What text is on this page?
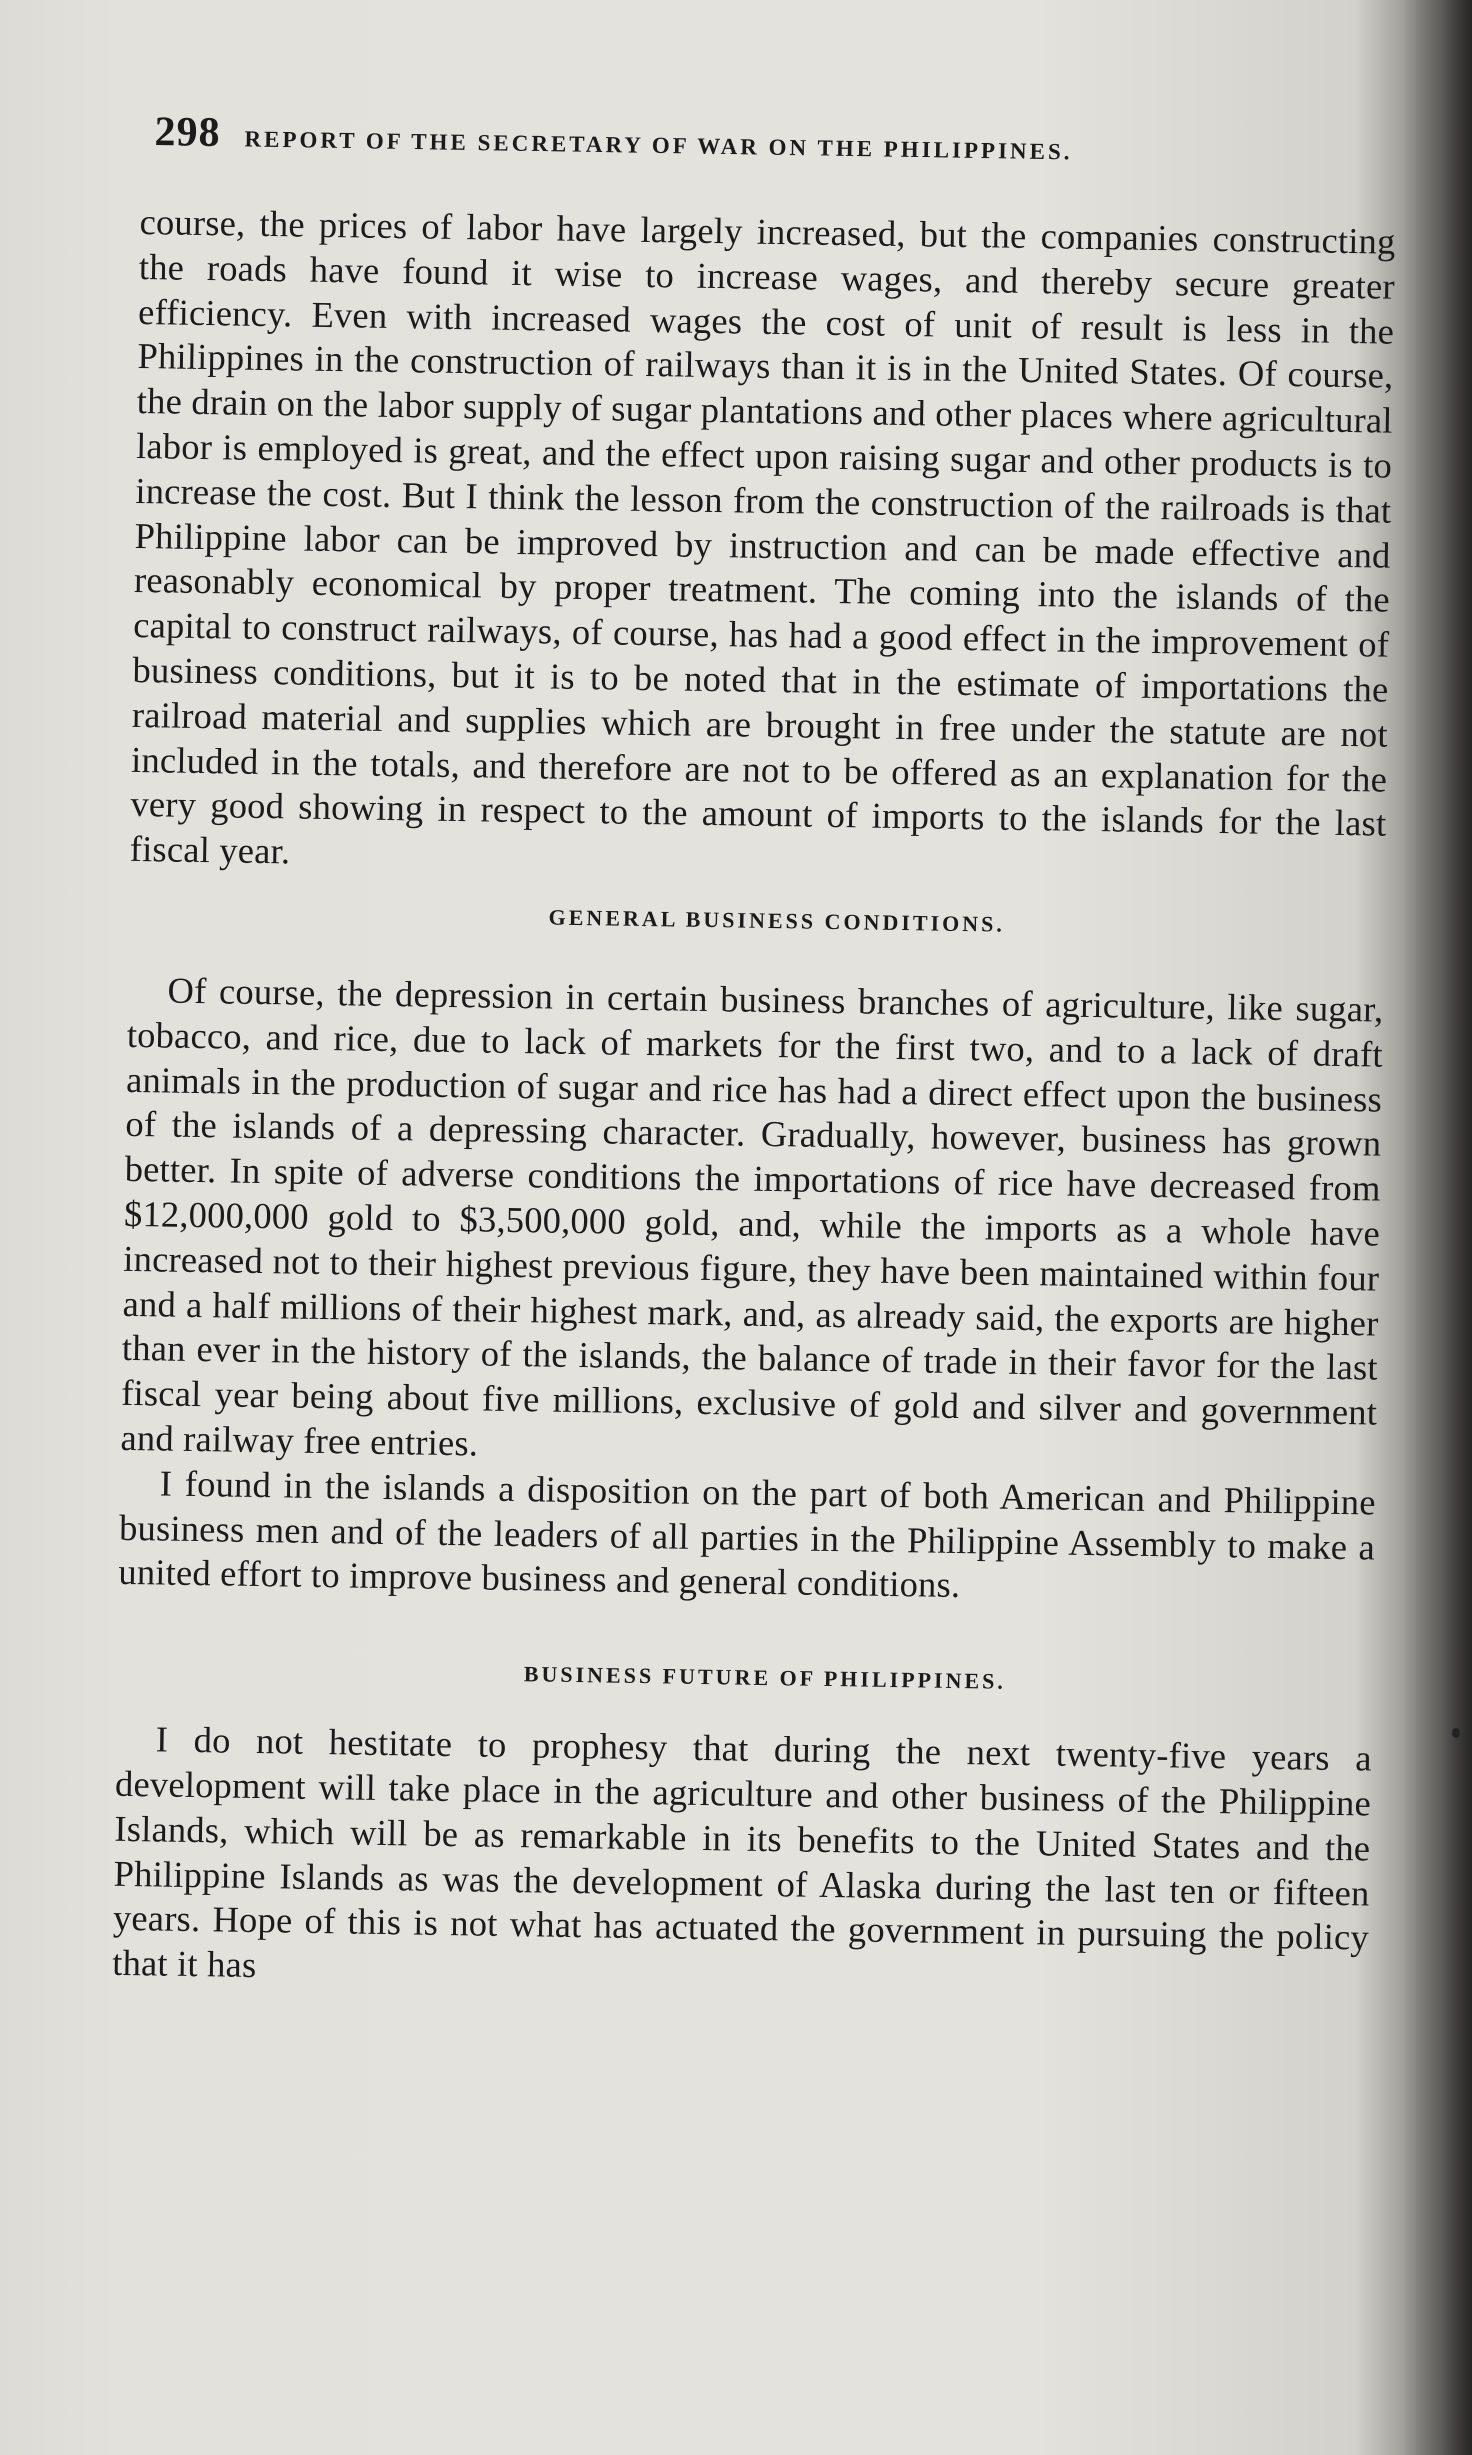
298 REPORT OF THE SECRETARY OF WAR ON THE PHILIPPINES.

course, the prices of labor have largely increased, but the companies constructing the roads have found it wise to increase wages, and thereby secure greater efficiency. Even with increased wages the cost of unit of result is less in the Philippines in the construction of railways than it is in the United States. Of course, the drain on the labor supply of sugar plantations and other places where agricultural labor is employed is great, and the effect upon raising sugar and other products is to increase the cost. But I think the lesson from the construction of the railroads is that Philippine labor can be improved by instruction and can be made effective and reasonably economical by proper treatment. The coming into the islands of the capital to construct railways, of course, has had a good effect in the improvement of business conditions, but it is to be noted that in the estimate of importations the railroad material and supplies which are brought in free under the statute are not included in the totals, and therefore are not to be offered as an explanation for the very good showing in respect to the amount of imports to the islands for the last fiscal year.

GENERAL BUSINESS CONDITIONS.

Of course, the depression in certain business branches of agriculture, like sugar, tobacco, and rice, due to lack of markets for the first two, and to a lack of draft animals in the production of sugar and rice has had a direct effect upon the business of the islands of a depressing character. Gradually, however, business has grown better. In spite of adverse conditions the importations of rice have decreased from $12,000,000 gold to $3,500,000 gold, and, while the imports as a whole have increased not to their highest previous figure, they have been maintained within four and a half millions of their highest mark, and, as already said, the exports are higher than ever in the history of the islands, the balance of trade in their favor for the last fiscal year being about five millions, exclusive of gold and silver and government and railway free entries.

I found in the islands a disposition on the part of both American and Philippine business men and of the leaders of all parties in the Philippine Assembly to make a united effort to improve business and general conditions.

BUSINESS FUTURE OF PHILIPPINES.

I do not hestitate to prophesy that during the next twenty-five years a development will take place in the agriculture and other business of the Philippine Islands, which will be as remarkable in its benefits to the United States and the Philippine Islands as was the development of Alaska during the last ten or fifteen years. Hope of this is not what has actuated the government in pursuing the policy that it has
